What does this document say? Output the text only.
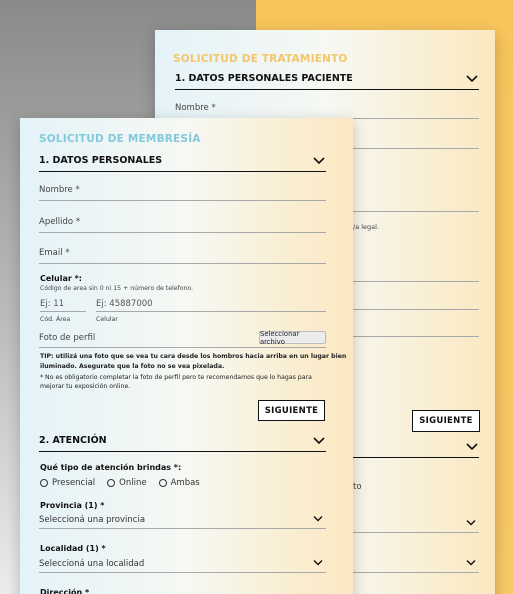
SOLICITUD DE TRATAMIENTO
1. DATOS PERSONALES PACIENTE
Nombre *
/a legal.
SIGUIENTE
to
SOLICITUD DE MEMBRESÍA
1. DATOS PERSONALES
Nombre *
Apellido *
Email *
Celular *:
Código de area sin 0 ni 15 + número de telefono.
Ej: 11	Ej: 45887000
Cód. Área	Celular
Foto de perfil	Seleccionar archivo
TIP: utilizá una foto que se vea tu cara desde los hombros hacia arriba en un lugar bien
iluminado. Asegurate que la foto no se vea pixelada.
* No es obligatorio completar la foto de perfil pero te recomendamos que lo hagas para
mejorar tu exposición online.
SIGUIENTE
2. ATENCIÓN
Qué tipo de atención brindas *:
Presencial	Online	Ambas
Provincia (1) *
Seleccioná una provincia
Localidad (1) *
Seleccioná una localidad
Dirección *
